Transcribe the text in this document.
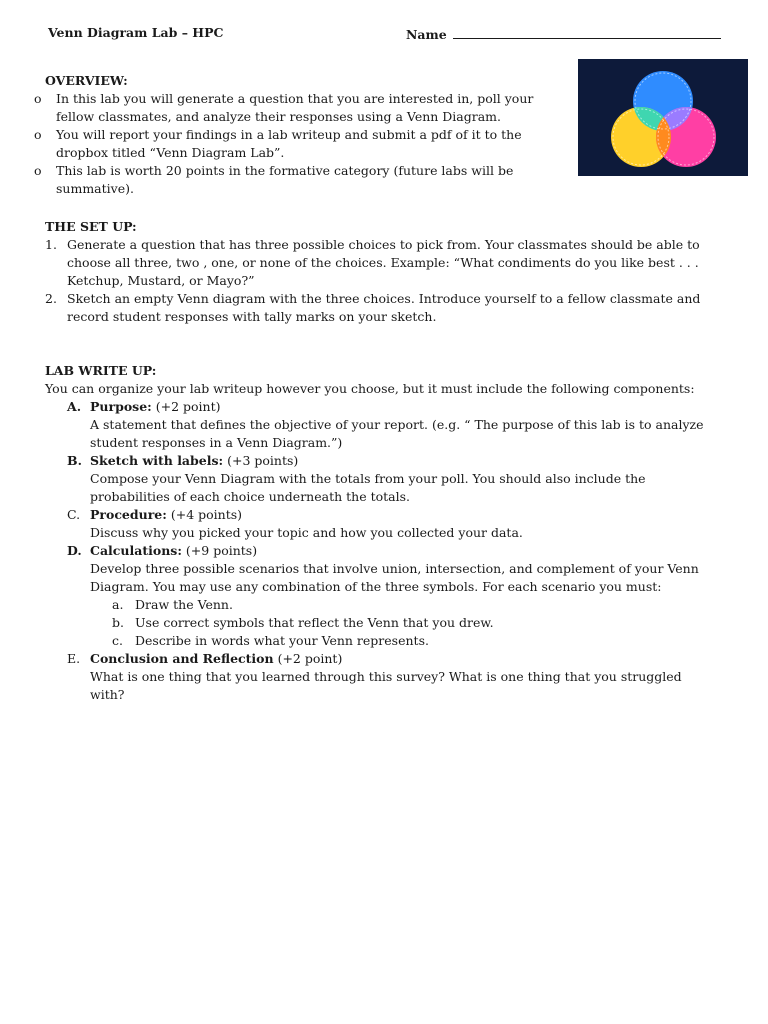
Venn Diagram Lab – HPC	Name
OVERVIEW:
o In this lab you will generate a question that you are interested in, poll your fellow classmates, and analyze their responses using a Venn Diagram.
o You will report your findings in a lab writeup and submit a pdf of it to the dropbox titled “Venn Diagram Lab”.
o This lab is worth 20 points in the formative category (future labs will be summative).
THE SET UP:
1. Generate a question that has three possible choices to pick from. Your classmates should be able to choose all three, two , one, or none of the choices. Example: “What condiments do you like best . . . Ketchup, Mustard, or Mayo?”
2. Sketch an empty Venn diagram with the three choices. Introduce yourself to a fellow classmate and record student responses with tally marks on your sketch.
LAB WRITE UP:
You can organize your lab writeup however you choose, but it must include the following components:
A. Purpose: (+2 point)
A statement that defines the objective of your report. (e.g. “ The purpose of this lab is to analyze student responses in a Venn Diagram.”)
B. Sketch with labels: (+3 points)
Compose your Venn Diagram with the totals from your poll. You should also include the probabilities of each choice underneath the totals.
C. Procedure: (+4 points)
Discuss why you picked your topic and how you collected your data.
D. Calculations: (+9 points)
Develop three possible scenarios that involve union, intersection, and complement of your Venn Diagram. You may use any combination of the three symbols. For each scenario you must:
a. Draw the Venn.
b. Use correct symbols that reflect the Venn that you drew.
c. Describe in words what your Venn represents.
E. Conclusion and Reflection (+2 point)
What is one thing that you learned through this survey? What is one thing that you struggled with?
